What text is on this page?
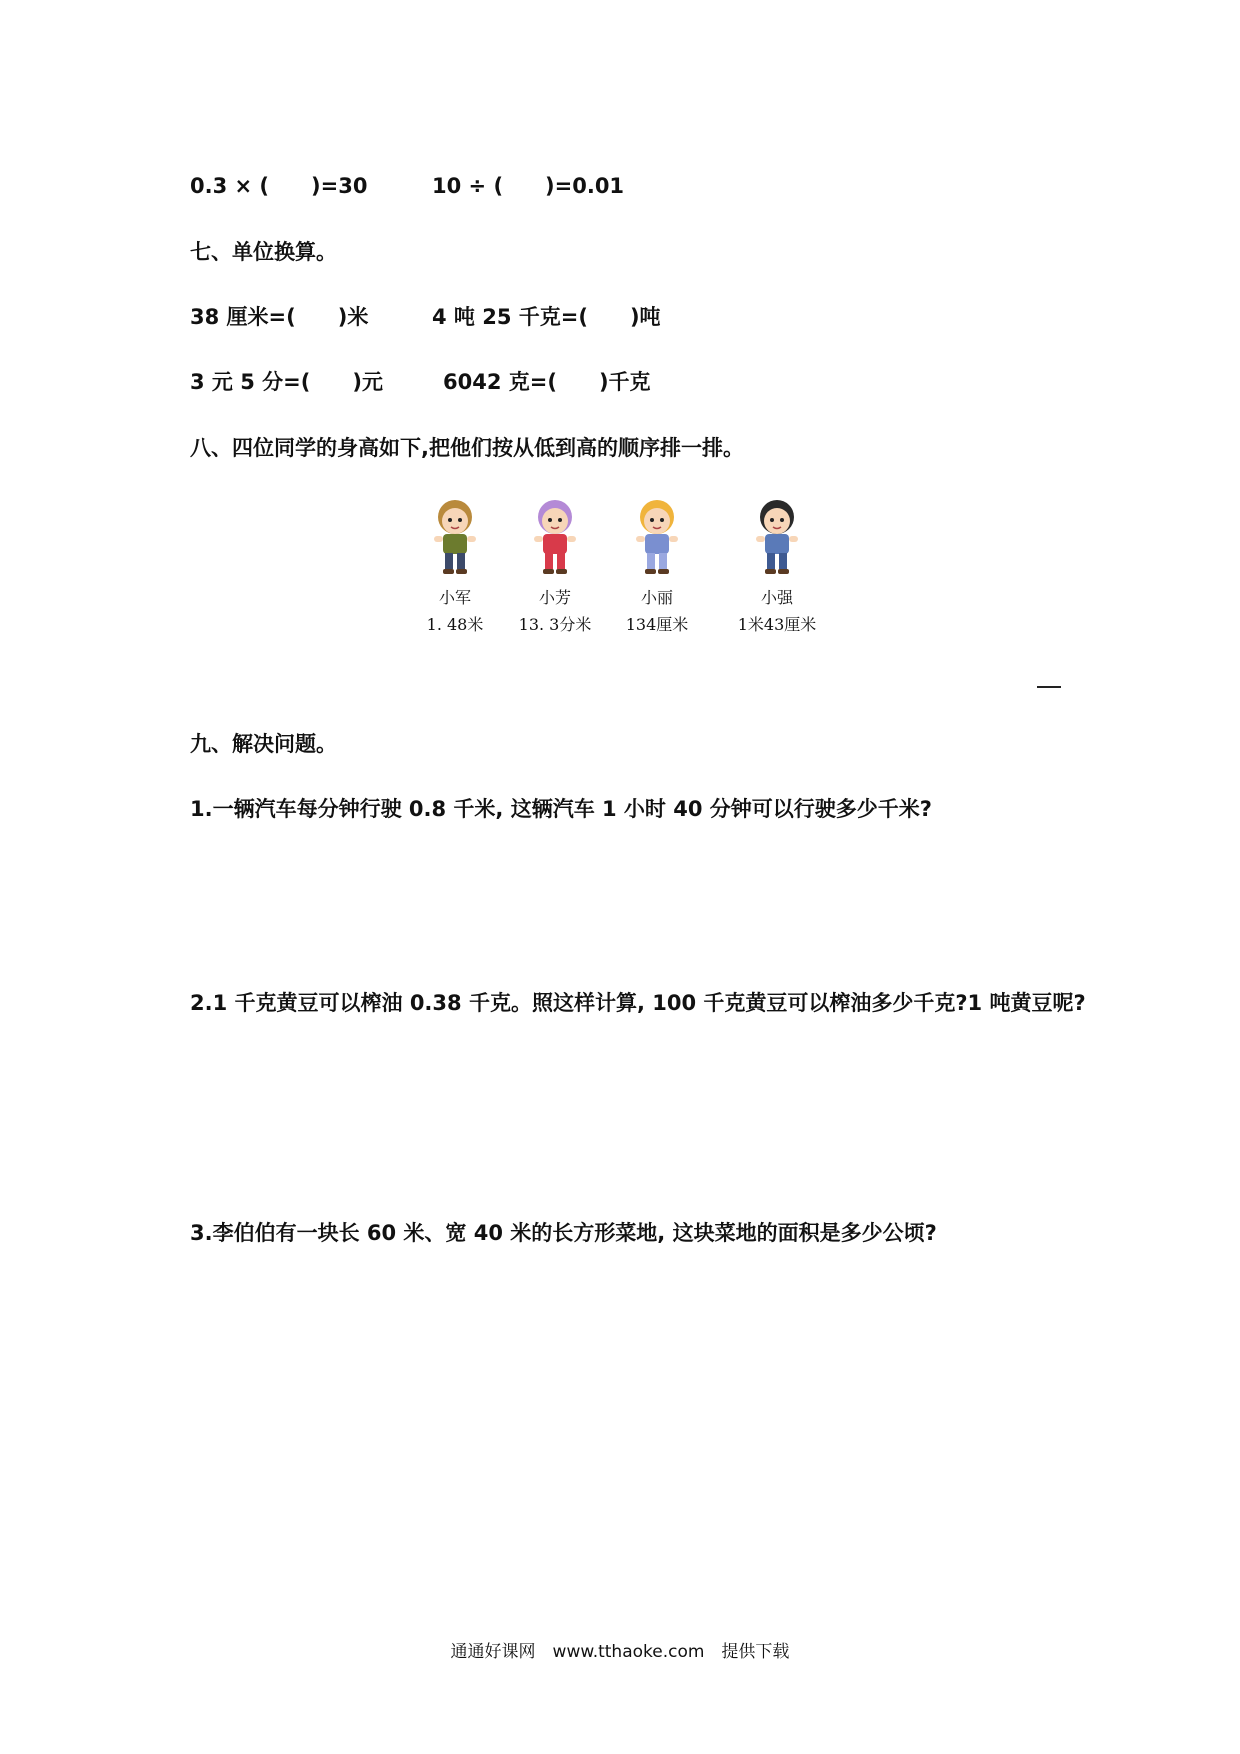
0.3 × (　　)=30	10 ÷ (　　)=0.01
七、单位换算。
38 厘米=(　　)米	4 吨 25 千克=(　　)吨
3 元 5 分=(　　)元	6042 克=(　　)千克
八、四位同学的身高如下,把他们按从低到高的顺序排一排。
小军
1. 48米
小芳
13. 3分米
小丽
134厘米
小强
1米43厘米
九、解决问题。
1.一辆汽车每分钟行驶 0.8 千米, 这辆汽车 1 小时 40 分钟可以行驶多少千米?
2.1 千克黄豆可以榨油 0.38 千克。照这样计算, 100 千克黄豆可以榨油多少千克?1 吨黄豆呢?
3.李伯伯有一块长 60 米、宽 40 米的长方形菜地, 这块菜地的面积是多少公顷?
通通好课网　www.tthaoke.com　提供下载
